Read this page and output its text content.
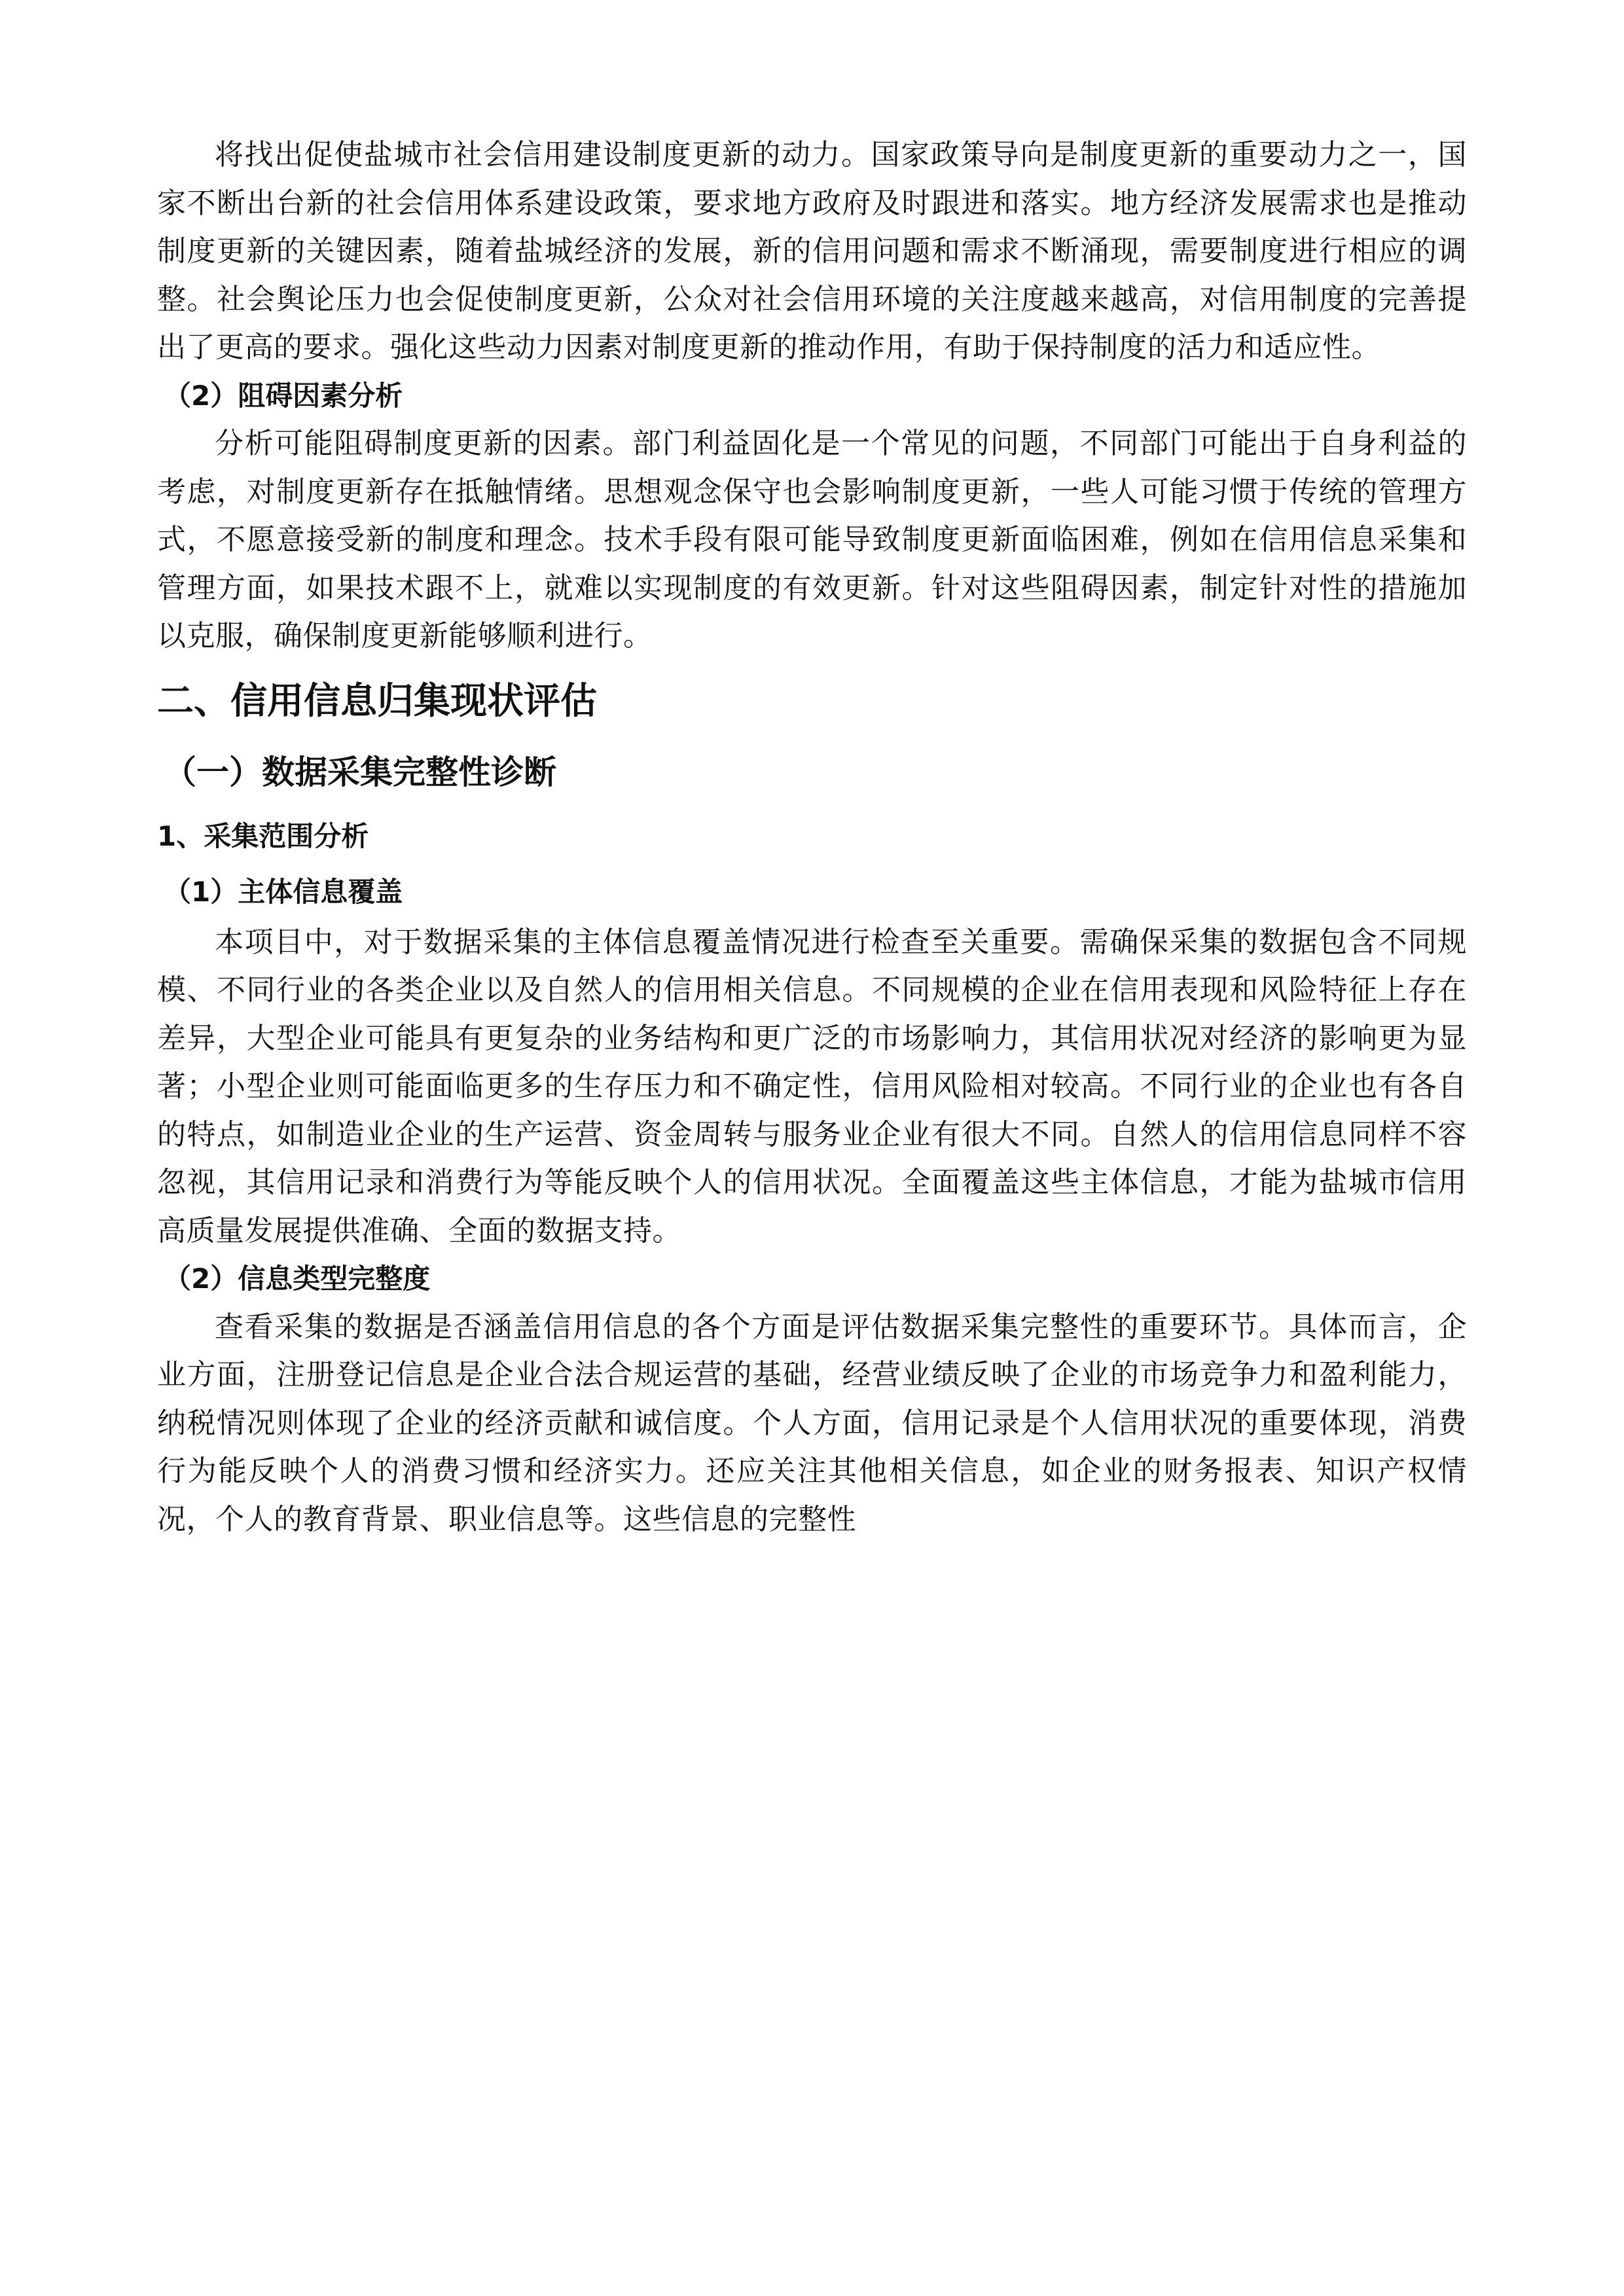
将找出促使盐城市社会信用建设制度更新的动力。国家政策导向是制度更新的重要动力之一，国家不断出台新的社会信用体系建设政策，要求地方政府及时跟进和落实。地方经济发展需求也是推动制度更新的关键因素，随着盐城经济的发展，新的信用问题和需求不断涌现，需要制度进行相应的调整。社会舆论压力也会促使制度更新，公众对社会信用环境的关注度越来越高，对信用制度的完善提出了更高的要求。强化这些动力因素对制度更新的推动作用，有助于保持制度的活力和适应性。

（2）阻碍因素分析

分析可能阻碍制度更新的因素。部门利益固化是一个常见的问题，不同部门可能出于自身利益的考虑，对制度更新存在抵触情绪。思想观念保守也会影响制度更新，一些人可能习惯于传统的管理方式，不愿意接受新的制度和理念。技术手段有限可能导致制度更新面临困难，例如在信用信息采集和管理方面，如果技术跟不上，就难以实现制度的有效更新。针对这些阻碍因素，制定针对性的措施加以克服，确保制度更新能够顺利进行。

二、信用信息归集现状评估
（一）数据采集完整性诊断
1、采集范围分析

（1）主体信息覆盖

本项目中，对于数据采集的主体信息覆盖情况进行检查至关重要。需确保采集的数据包含不同规模、不同行业的各类企业以及自然人的信用相关信息。不同规模的企业在信用表现和风险特征上存在差异，大型企业可能具有更复杂的业务结构和更广泛的市场影响力，其信用状况对经济的影响更为显著；小型企业则可能面临更多的生存压力和不确定性，信用风险相对较高。不同行业的企业也有各自的特点，如制造业企业的生产运营、资金周转与服务业企业有很大不同。自然人的信用信息同样不容忽视，其信用记录和消费行为等能反映个人的信用状况。全面覆盖这些主体信息，才能为盐城市信用高质量发展提供准确、全面的数据支持。

（2）信息类型完整度

查看采集的数据是否涵盖信用信息的各个方面是评估数据采集完整性的重要环节。具体而言，企业方面，注册登记信息是企业合法合规运营的基础，经营业绩反映了企业的市场竞争力和盈利能力，纳税情况则体现了企业的经济贡献和诚信度。个人方面，信用记录是个人信用状况的重要体现，消费行为能反映个人的消费习惯和经济实力。还应关注其他相关信息，如企业的财务报表、知识产权情况，个人的教育背景、职业信息等。这些信息的完整性
